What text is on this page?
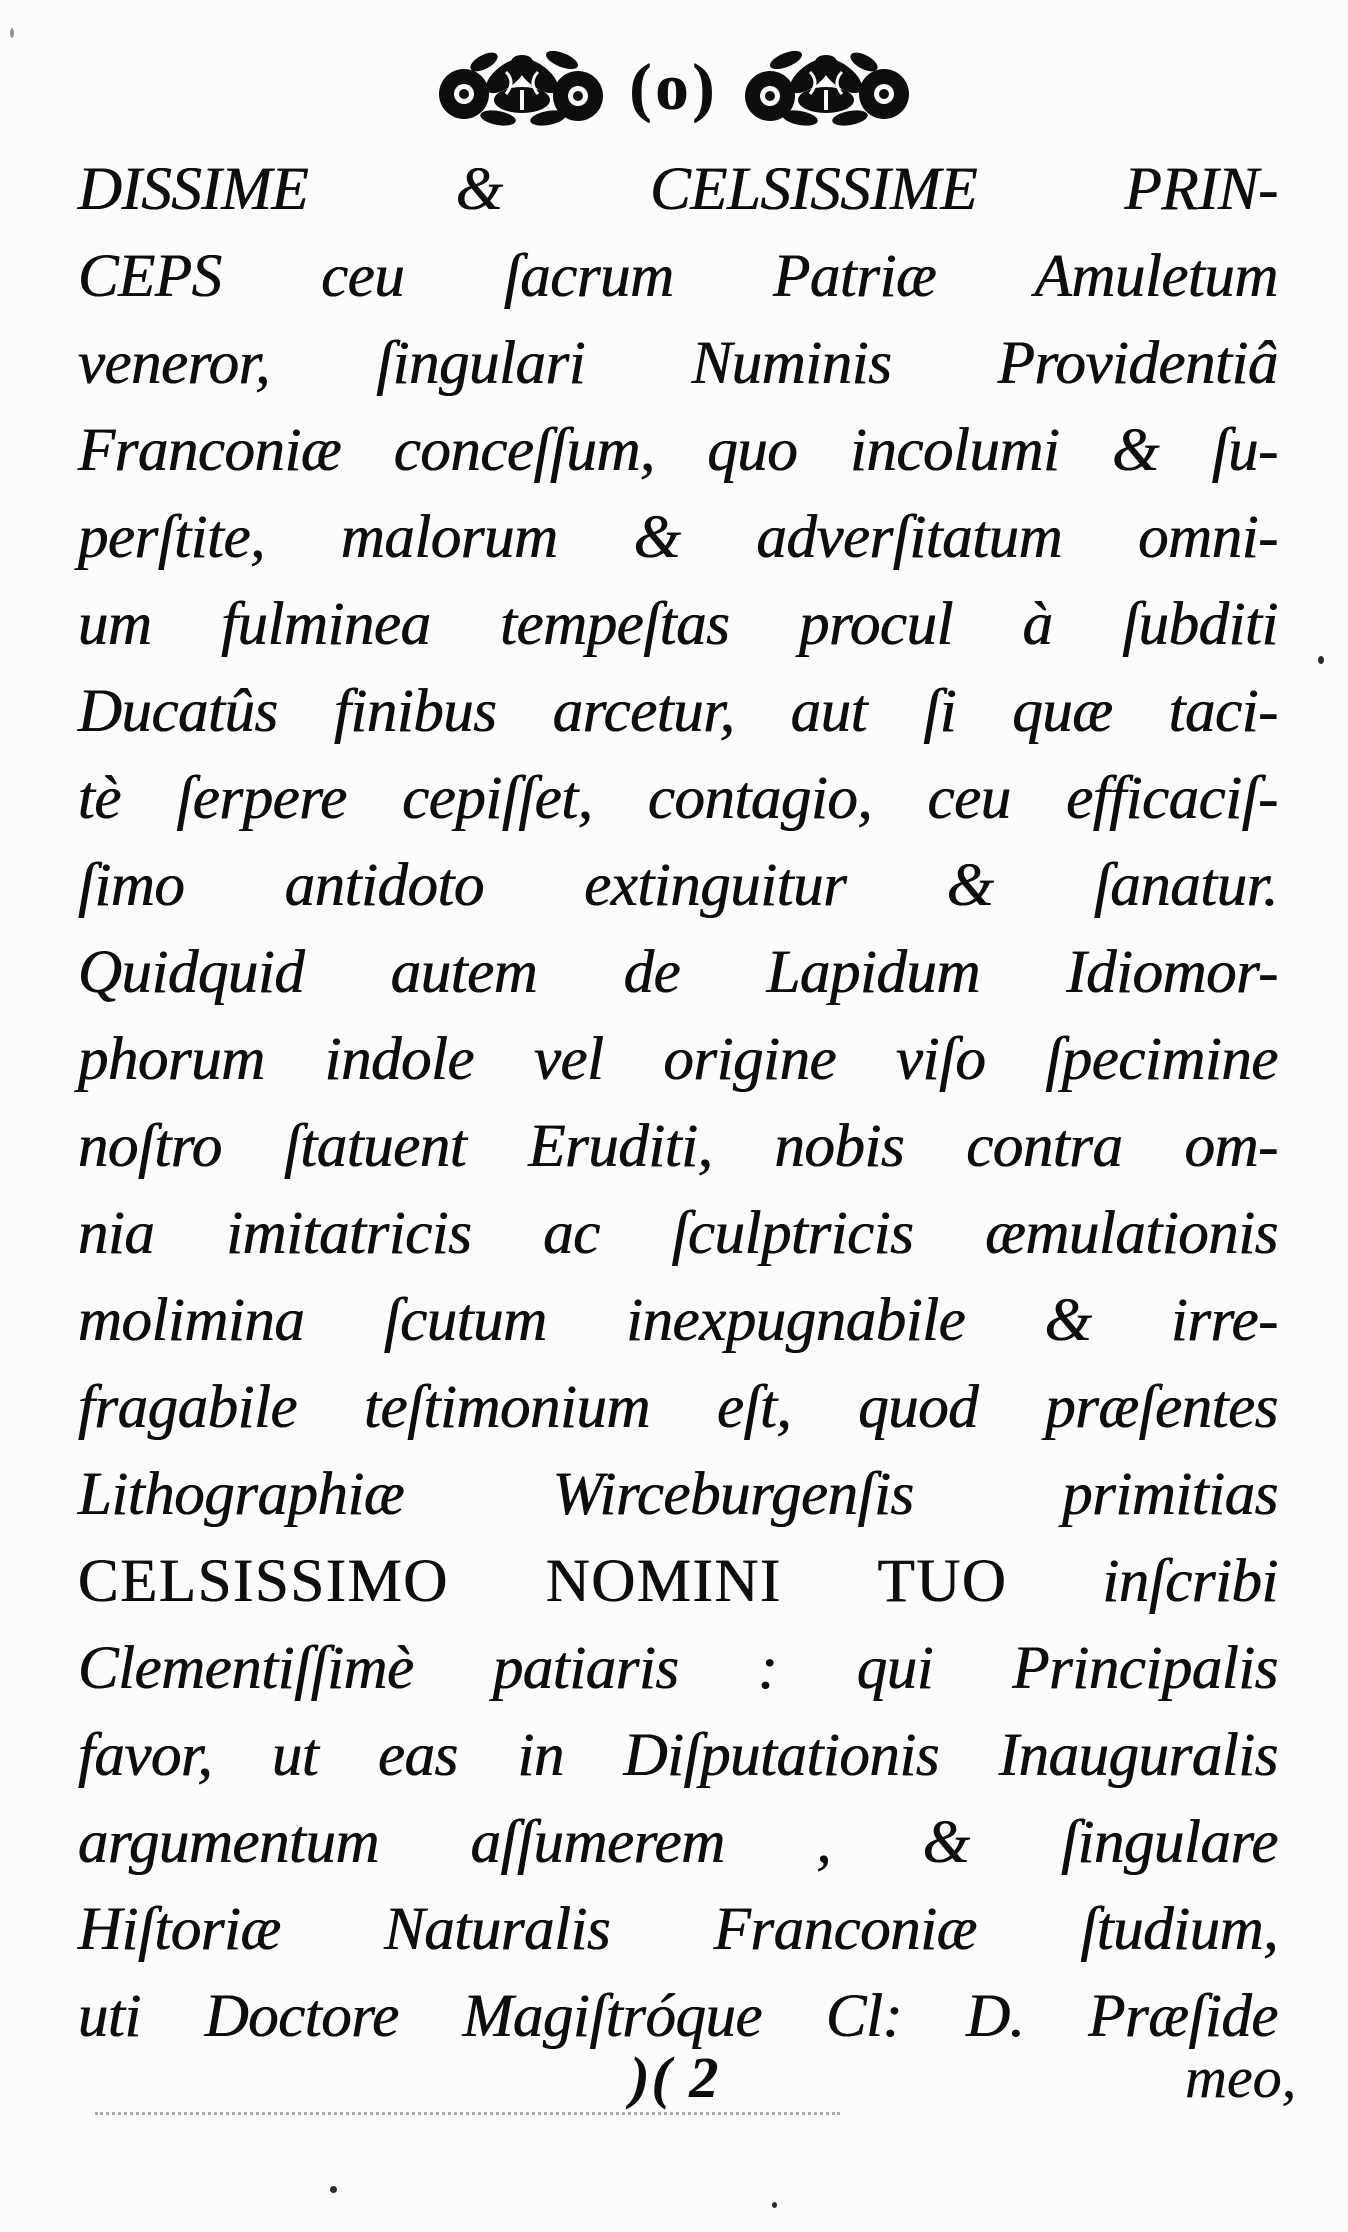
(o)
DISSIME & CELSISSIME PRIN-
CEPS ceu ſacrum Patriæ Amuletum
veneror, ſingulari Numinis Providentiâ
Franconiæ conceſſum, quo incolumi & ſu-
perſtite, malorum & adverſitatum omni-
um fulminea tempeſtas procul à ſubditi
Ducatûs finibus arcetur, aut ſi quæ taci-
tè ſerpere cepiſſet, contagio, ceu efficaciſ-
ſimo antidoto extinguitur & ſanatur.
Quidquid autem de Lapidum Idiomor-
phorum indole vel origine viſo ſpecimine
noſtro ſtatuent Eruditi, nobis contra om-
nia imitatricis ac ſculptricis æmulationis
molimina ſcutum inexpugnabile & irre-
fragabile teſtimonium eſt, quod præſentes
Lithographiæ Wirceburgenſis primitias
CELSISSIMO NOMINI TUO inſcribi
Clementiſſimè patiaris : qui Principalis
favor, ut eas in Diſputationis Inauguralis
argumentum aſſumerem , & ſingulare
Hiſtoriæ Naturalis Franconiæ ſtudium,
uti Doctore Magiſtróque Cl: D. Præſide
)( 2	meo,
